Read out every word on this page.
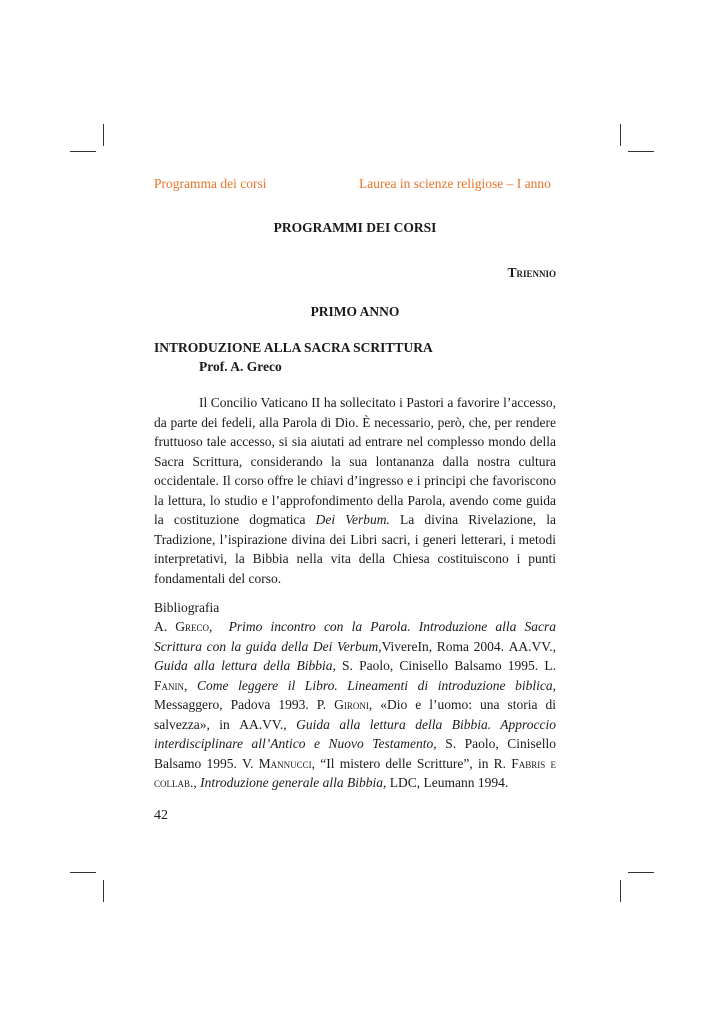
Programma dei corsi	Laurea in scienze religiose – I anno
PROGRAMMI DEI CORSI
Triennio
PRIMO ANNO
INTRODUZIONE ALLA SACRA SCRITTURA
Prof. A. Greco
Il Concilio Vaticano II ha sollecitato i Pastori a favorire l’accesso, da parte dei fedeli, alla Parola di Dio. È necessario, però, che, per rendere fruttuoso tale accesso, si sia aiutati ad entrare nel complesso mondo della Sacra Scrittura, considerando la sua lontananza dalla nostra cultura occidentale. Il corso offre le chiavi d’ingresso e i principi che favoriscono la lettura, lo studio e l’approfondimento della Parola, avendo come guida la costituzione dogmatica Dei Verbum. La divina Rivelazione, la Tradizione, l’ispirazione divina dei Libri sacri, i generi letterari, i metodi interpretativi, la Bibbia nella vita della Chiesa costituiscono i punti fondamentali del corso.
Bibliografia
A. Greco, Primo incontro con la Parola. Introduzione alla Sacra Scrittura con la guida della Dei Verbum,VivereIn, Roma 2004. AA.VV., Guida alla lettura della Bibbia, S. Paolo, Cinisello Balsamo 1995. L. Fanin, Come leggere il Libro. Lineamenti di introduzione biblica, Messaggero, Padova 1993. P. Gironi, «Dio e l’uomo: una storia di salvezza», in AA.VV., Guida alla lettura della Bibbia. Approccio interdisciplinare all’Antico e Nuovo Testamento, S. Paolo, Cinisello Balsamo 1995. V. Mannucci, “Il mistero delle Scritture”, in R. Fabris e collab., Introduzione generale alla Bibbia, LDC, Leumann 1994.
42
